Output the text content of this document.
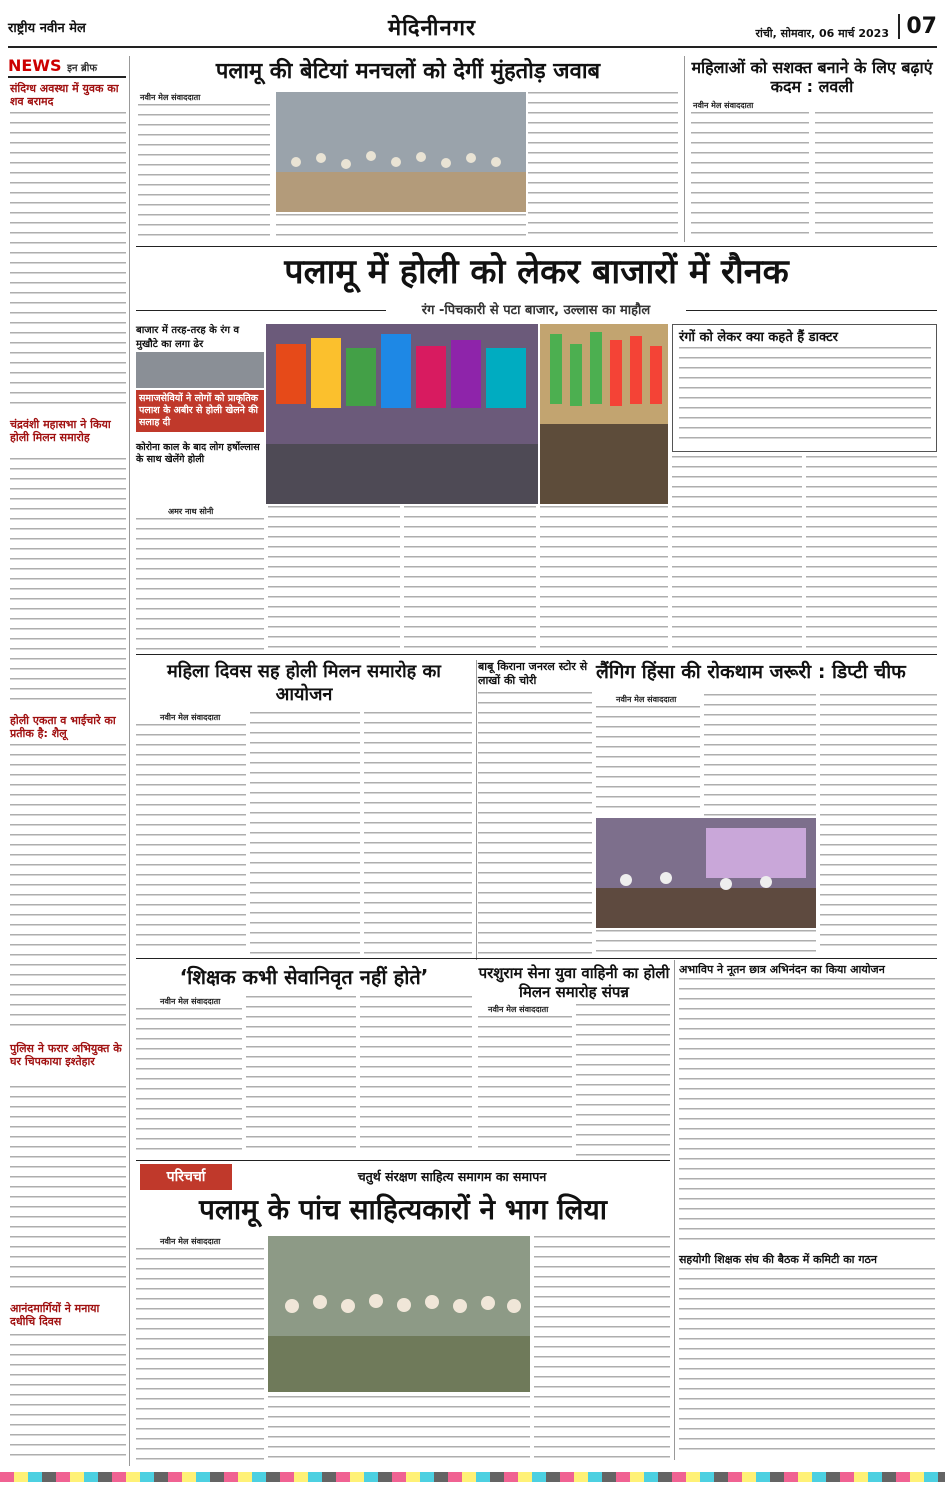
राष्ट्रीय नवीन मेल	मेदिनीनगर	रांची, सोमवार, 06 मार्च 2023 07
NEWS इन ब्रीफ
संदिग्ध अवस्था में युवक का शव बरामद
चंद्रवंशी महासभा ने किया होली मिलन समारोह
होली एकता व भाईचारे का प्रतीक है: शैलू
पुलिस ने फरार अभियुक्त के घर चिपकाया इश्तेहार
आनंदमार्गियों ने मनाया दधीचि दिवस
पलामू की बेटियां मनचलों को देगीं मुंहतोड़ जवाब
नवीन मेल संवाददाता
महिलाओं को सशक्त बनाने के लिए बढ़ाएं कदम : लवली
नवीन मेल संवाददाता
पलामू में होली को लेकर बाजारों में रौनक
रंग -पिचकारी से पटा बाजार, उल्लास का माहौल
बाजार में तरह-तरह के रंग व मुखौटे का लगा ढेर
समाजसेवियों ने लोगों को प्राकृतिक पलाश के अबीर से होली खेलने की सलाह दी
कोरोना काल के बाद लोग हर्षोल्लास के साथ खेलेंगे होली
रंगों को लेकर क्या कहते हैं डाक्टर
अमर नाथ सोनी
महिला दिवस सह होली मिलन समारोह का आयोजन
नवीन मेल संवाददाता
बाबू किराना जनरल स्टोर से लाखों की चोरी	लैंगिग हिंसा की रोकथाम जरूरी : डिप्टी चीफ
नवीन मेल संवाददाता
‘शिक्षक कभी सेवानिवृत नहीं होते’
नवीन मेल संवाददाता
परशुराम सेना युवा वाहिनी का होली मिलन समारोह संपन्न
नवीन मेल संवाददाता
अभाविप ने नूतन छात्र अभिनंदन का किया आयोजन
सहयोगी शिक्षक संघ की बैठक में कमिटी का गठन
परिचर्चा	चतुर्थ संरक्षण साहित्य समागम का समापन
पलामू के पांच साहित्यकारों ने भाग लिया
नवीन मेल संवाददाता
